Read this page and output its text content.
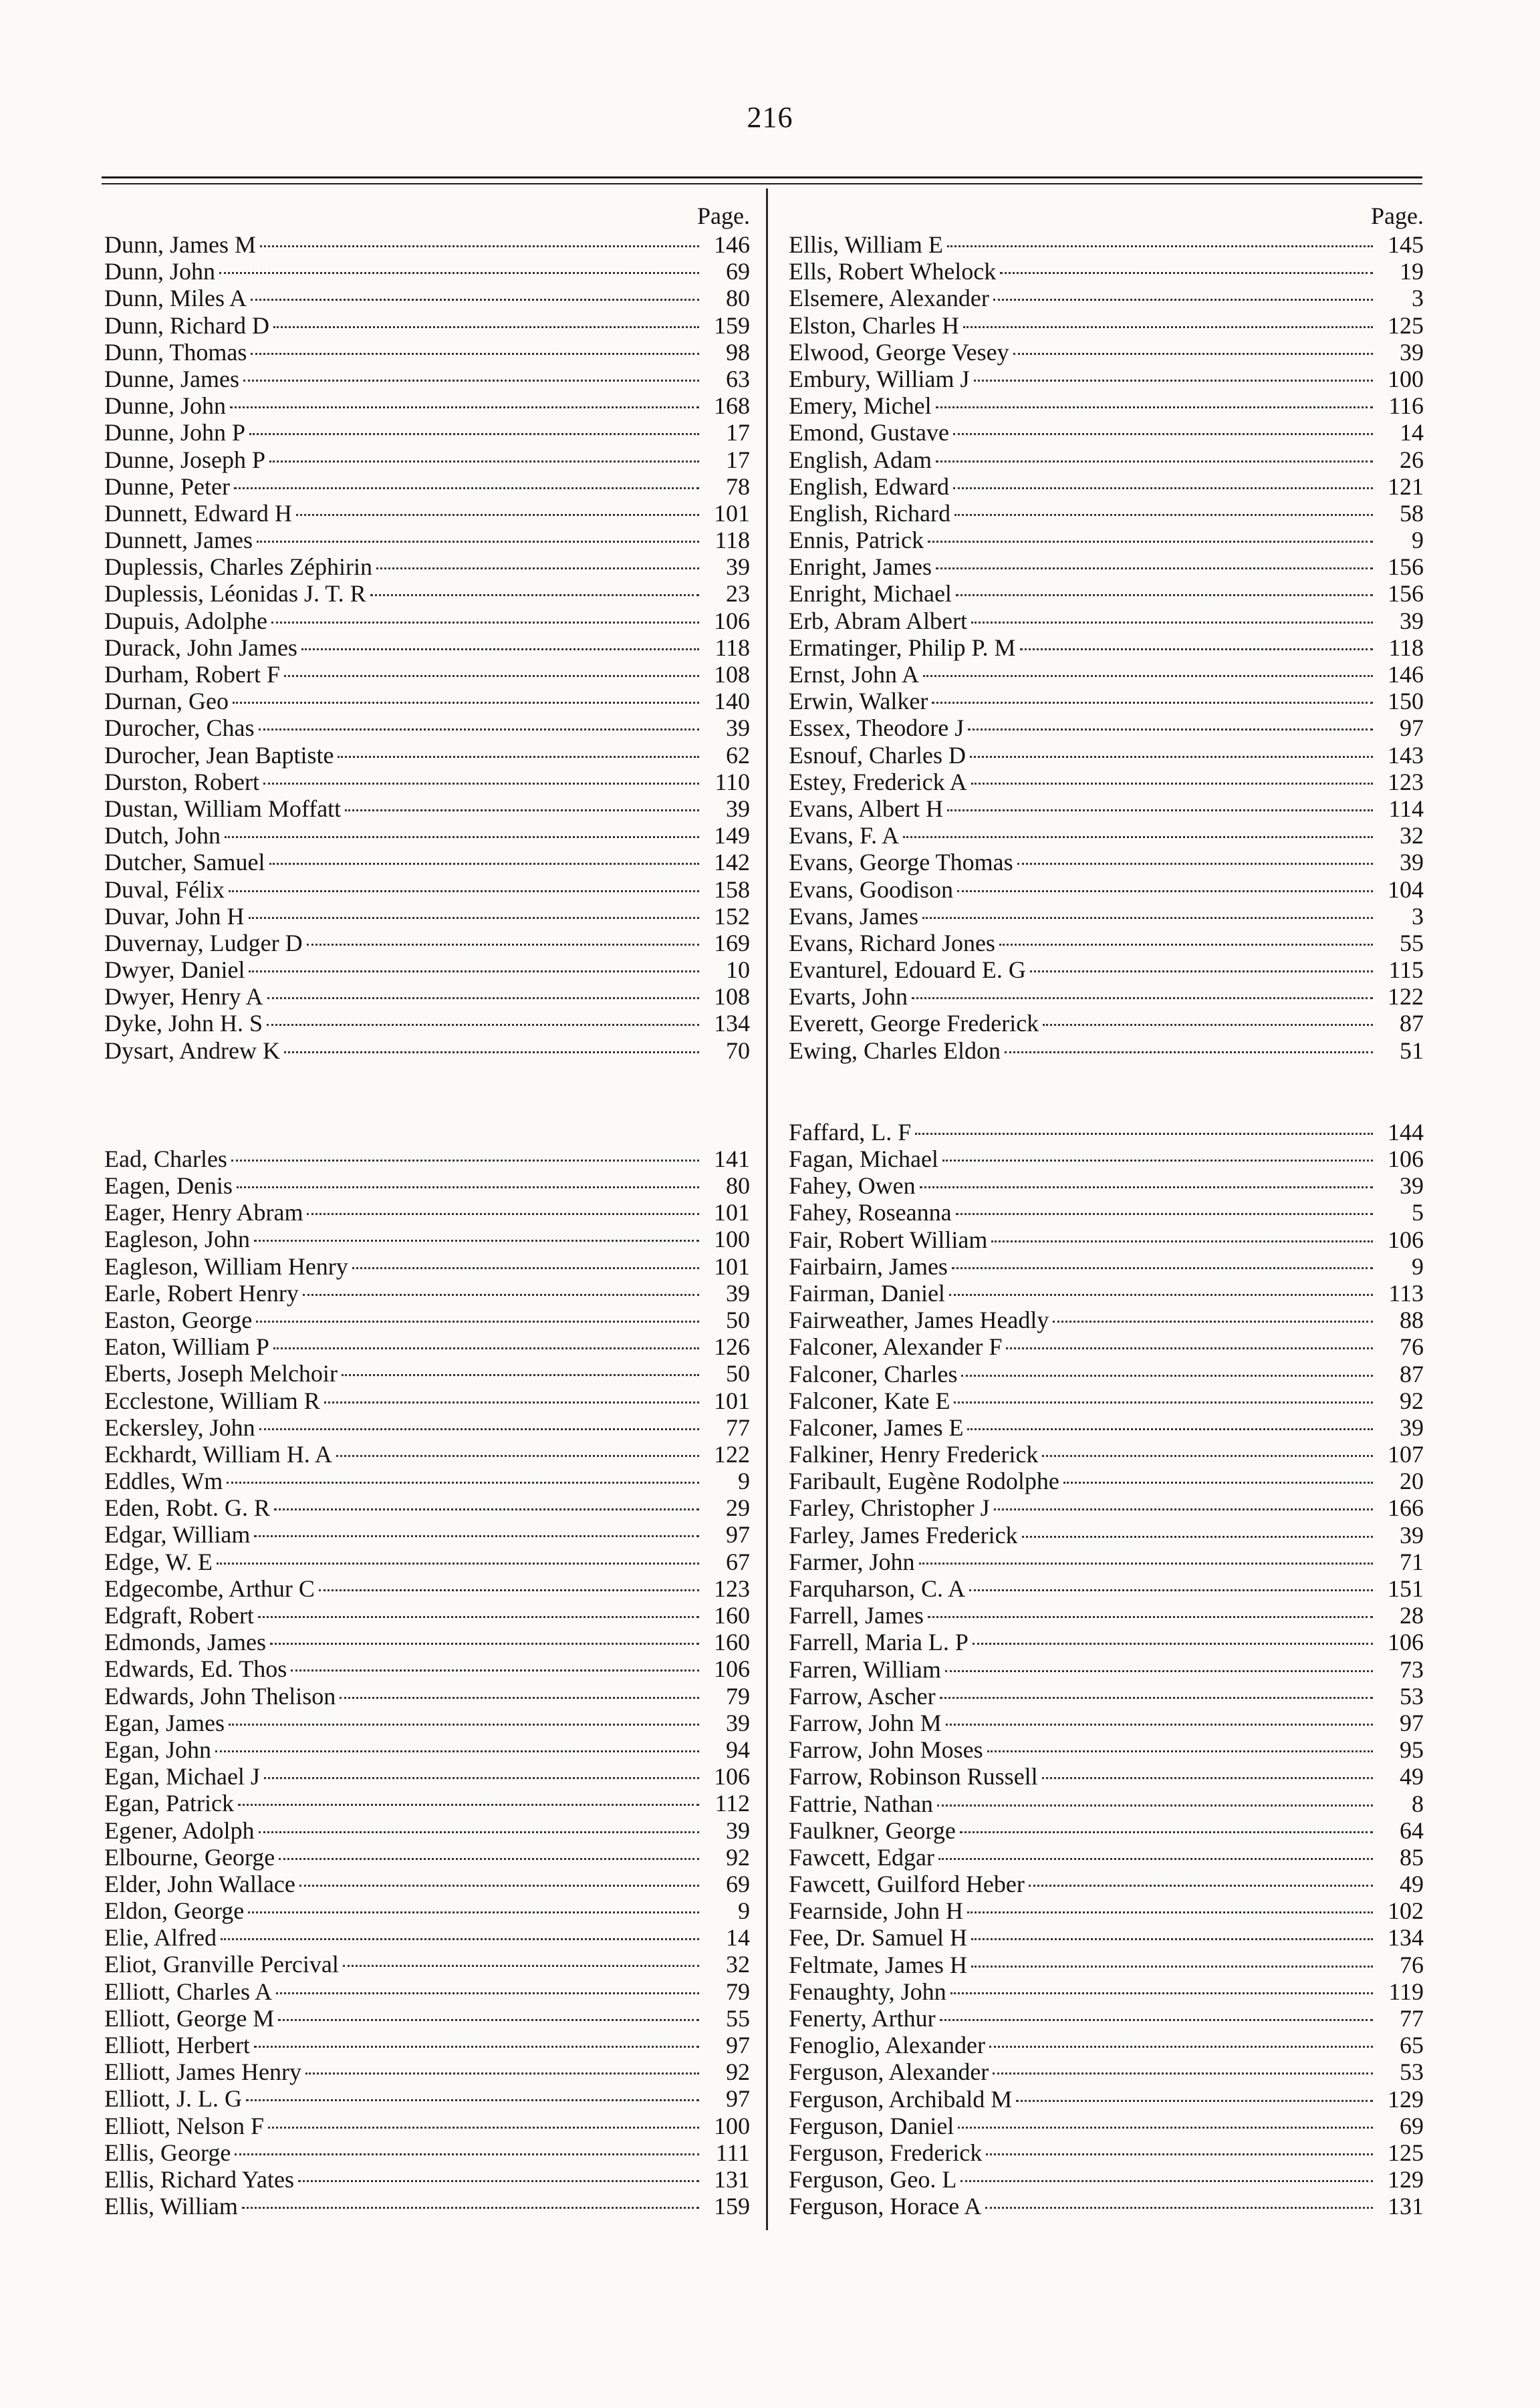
216
Page.
Dunn, James M	146
Dunn, John	69
Dunn, Miles A	80
Dunn, Richard D	159
Dunn, Thomas	98
Dunne, James	63
Dunne, John	168
Dunne, John P	17
Dunne, Joseph P	17
Dunne, Peter	78
Dunnett, Edward H	101
Dunnett, James	118
Duplessis, Charles Zéphirin	39
Duplessis, Léonidas J. T. R	23
Dupuis, Adolphe	106
Durack, John James	118
Durham, Robert F	108
Durnan, Geo	140
Durocher, Chas	39
Durocher, Jean Baptiste	62
Durston, Robert	110
Dustan, William Moffatt	39
Dutch, John	149
Dutcher, Samuel	142
Duval, Félix	158
Duvar, John H	152
Duvernay, Ludger D	169
Dwyer, Daniel	10
Dwyer, Henry A	108
Dyke, John H. S	134
Dysart, Andrew K	70
Ead, Charles	141
Eagen, Denis	80
Eager, Henry Abram	101
Eagleson, John	100
Eagleson, William Henry	101
Earle, Robert Henry	39
Easton, George	50
Eaton, William P	126
Eberts, Joseph Melchoir	50
Ecclestone, William R	101
Eckersley, John	77
Eckhardt, William H. A	122
Eddles, Wm	9
Eden, Robt. G. R	29
Edgar, William	97
Edge, W. E	67
Edgecombe, Arthur C	123
Edgraft, Robert	160
Edmonds, James	160
Edwards, Ed. Thos	106
Edwards, John Thelison	79
Egan, James	39
Egan, John	94
Egan, Michael J	106
Egan, Patrick	112
Egener, Adolph	39
Elbourne, George	92
Elder, John Wallace	69
Eldon, George	9
Elie, Alfred	14
Eliot, Granville Percival	32
Elliott, Charles A	79
Elliott, George M	55
Elliott, Herbert	97
Elliott, James Henry	92
Elliott, J. L. G	97
Elliott, Nelson F	100
Ellis, George	111
Ellis, Richard Yates	131
Ellis, William	159
Page.
Ellis, William E	145
Ells, Robert Whelock	19
Elsemere, Alexander	3
Elston, Charles H	125
Elwood, George Vesey	39
Embury, William J	100
Emery, Michel	116
Emond, Gustave	14
English, Adam	26
English, Edward	121
English, Richard	58
Ennis, Patrick	9
Enright, James	156
Enright, Michael	156
Erb, Abram Albert	39
Ermatinger, Philip P. M	118
Ernst, John A	146
Erwin, Walker	150
Essex, Theodore J	97
Esnouf, Charles D	143
Estey, Frederick A	123
Evans, Albert H	114
Evans, F. A	32
Evans, George Thomas	39
Evans, Goodison	104
Evans, James	3
Evans, Richard Jones	55
Evanturel, Edouard E. G	115
Evarts, John	122
Everett, George Frederick	87
Ewing, Charles Eldon	51
Faffard, L. F	144
Fagan, Michael	106
Fahey, Owen	39
Fahey, Roseanna	5
Fair, Robert William	106
Fairbairn, James	9
Fairman, Daniel	113
Fairweather, James Headly	88
Falconer, Alexander F	76
Falconer, Charles	87
Falconer, Kate E	92
Falconer, James E	39
Falkiner, Henry Frederick	107
Faribault, Eugène Rodolphe	20
Farley, Christopher J	166
Farley, James Frederick	39
Farmer, John	71
Farquharson, C. A	151
Farrell, James	28
Farrell, Maria L. P	106
Farren, William	73
Farrow, Ascher	53
Farrow, John M	97
Farrow, John Moses	95
Farrow, Robinson Russell	49
Fattrie, Nathan	8
Faulkner, George	64
Fawcett, Edgar	85
Fawcett, Guilford Heber	49
Fearnside, John H	102
Fee, Dr. Samuel H	134
Feltmate, James H	76
Fenaughty, John	119
Fenerty, Arthur	77
Fenoglio, Alexander	65
Ferguson, Alexander	53
Ferguson, Archibald M	129
Ferguson, Daniel	69
Ferguson, Frederick	125
Ferguson, Geo. L	129
Ferguson, Horace A	131
